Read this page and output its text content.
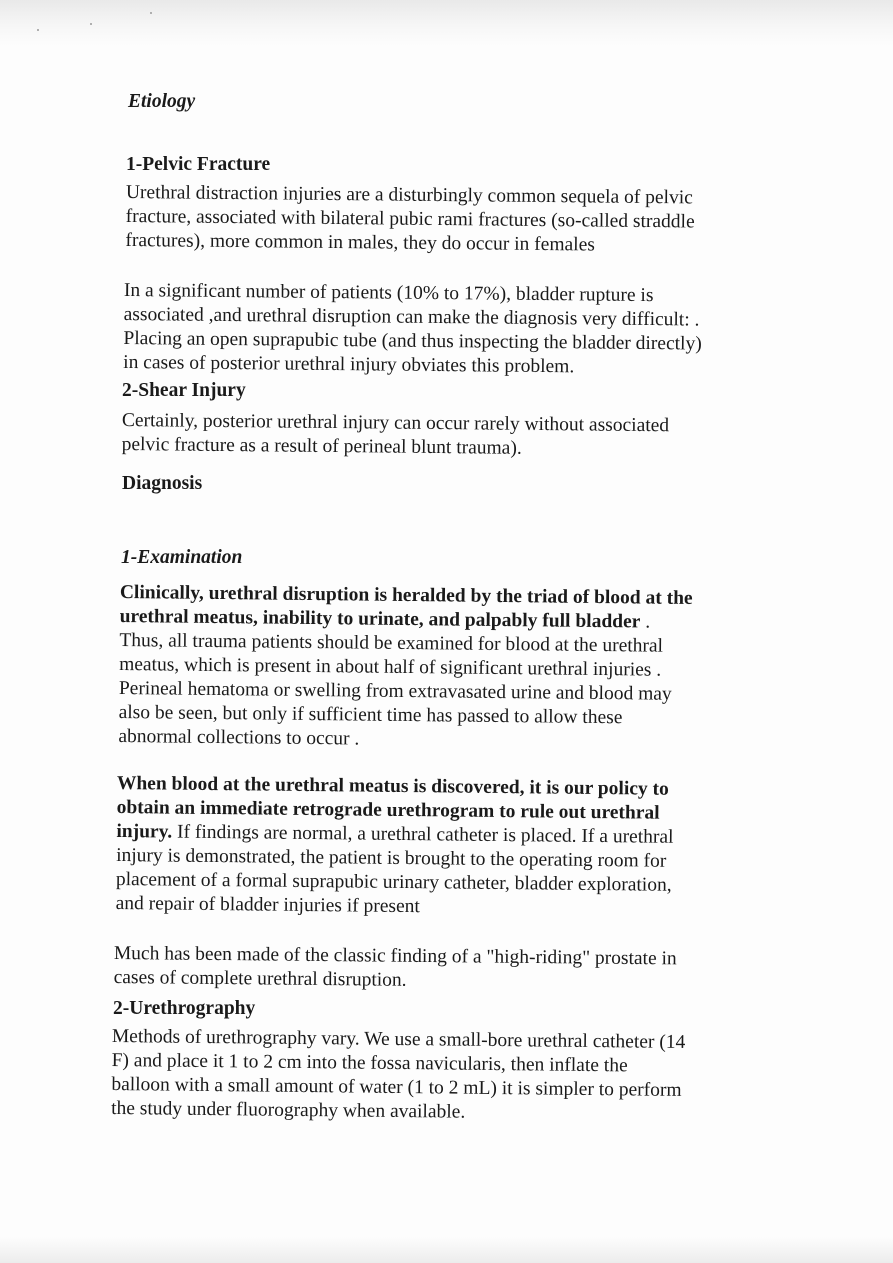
Etiology
1-Pelvic Fracture
Urethral distraction injuries are a disturbingly common sequela of pelvic
fracture, associated with bilateral pubic rami fractures (so-called straddle
fractures), more common in males, they do occur in females
In a significant number of patients (10% to 17%), bladder rupture is
associated ,and urethral disruption can make the diagnosis very difficult: .
Placing an open suprapubic tube (and thus inspecting the bladder directly)
in cases of posterior urethral injury obviates this problem.
2-Shear Injury
Certainly, posterior urethral injury can occur rarely without associated
pelvic fracture as a result of perineal blunt trauma).
Diagnosis
1-Examination
Clinically, urethral disruption is heralded by the triad of blood at the
urethral meatus, inability to urinate, and palpably full bladder .
Thus, all trauma patients should be examined for blood at the urethral
meatus, which is present in about half of significant urethral injuries .
Perineal hematoma or swelling from extravasated urine and blood may
also be seen, but only if sufficient time has passed to allow these
abnormal collections to occur .
When blood at the urethral meatus is discovered, it is our policy to
obtain an immediate retrograde urethrogram to rule out urethral
injury. If findings are normal, a urethral catheter is placed. If a urethral
injury is demonstrated, the patient is brought to the operating room for
placement of a formal suprapubic urinary catheter, bladder exploration,
and repair of bladder injuries if present
Much has been made of the classic finding of a "high-riding" prostate in
cases of complete urethral disruption.
2-Urethrography
Methods of urethrography vary. We use a small-bore urethral catheter (14
F) and place it 1 to 2 cm into the fossa navicularis, then inflate the
balloon with a small amount of water (1 to 2 mL) it is simpler to perform
the study under fluorography when available.
